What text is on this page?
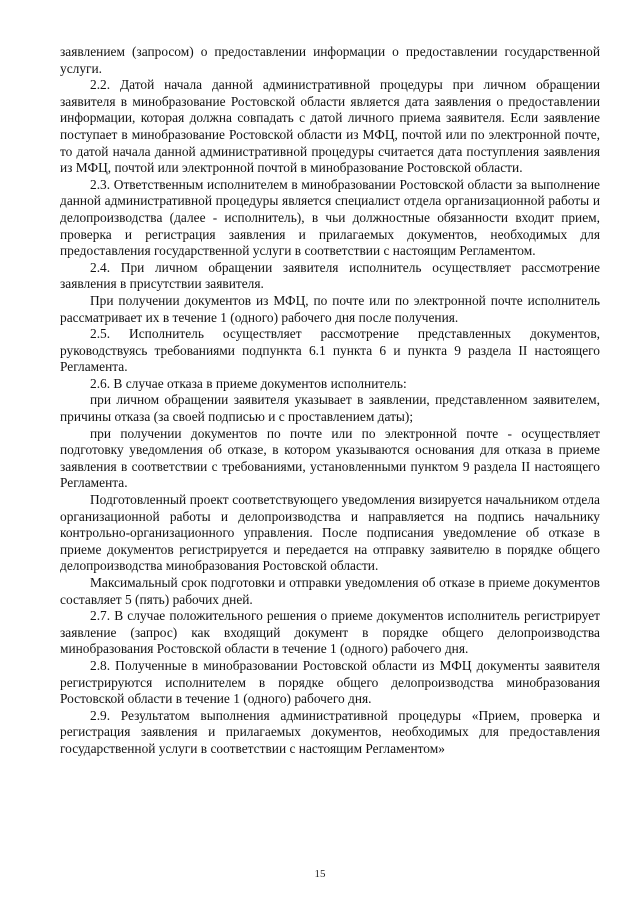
заявлением (запросом) о предоставлении информации о предоставлении государственной услуги.

2.2. Датой начала данной административной процедуры при личном обращении заявителя в минобразование Ростовской области является дата заявления о предоставлении информации, которая должна совпадать с датой личного приема заявителя. Если заявление поступает в минобразование Ростовской области из МФЦ, почтой или по электронной почте, то датой начала данной административной процедуры считается дата поступления заявления из МФЦ, почтой или электронной почтой в минобразование Ростовской области.

2.3. Ответственным исполнителем в минобразовании Ростовской области за выполнение данной административной процедуры является специалист отдела организационной работы и делопроизводства (далее - исполнитель), в чьи должностные обязанности входит прием, проверка и регистрация заявления и прилагаемых документов, необходимых для предоставления государственной услуги в соответствии с настоящим Регламентом.

2.4. При личном обращении заявителя исполнитель осуществляет рассмотрение заявления в присутствии заявителя.

При получении документов из МФЦ, по почте или по электронной почте исполнитель рассматривает их в течение 1 (одного) рабочего дня после получения.

2.5. Исполнитель осуществляет рассмотрение представленных документов, руководствуясь требованиями подпункта 6.1 пункта 6 и пункта 9 раздела II настоящего Регламента.

2.6. В случае отказа в приеме документов исполнитель:

при личном обращении заявителя указывает в заявлении, представленном заявителем, причины отказа (за своей подписью и с проставлением даты);

при получении документов по почте или по электронной почте - осуществляет подготовку уведомления об отказе, в котором указываются основания для отказа в приеме заявления в соответствии с требованиями, установленными пунктом 9 раздела II настоящего Регламента.

Подготовленный проект соответствующего уведомления визируется начальником отдела организационной работы и делопроизводства и направляется на подпись начальнику контрольно-организационного управления. После подписания уведомление об отказе в приеме документов регистрируется и передается на отправку заявителю в порядке общего делопроизводства минобразования Ростовской области.

Максимальный срок подготовки и отправки уведомления об отказе в приеме документов составляет 5 (пять) рабочих дней.

2.7. В случае положительного решения о приеме документов исполнитель регистрирует заявление (запрос) как входящий документ в порядке общего делопроизводства минобразования Ростовской области в течение 1 (одного) рабочего дня.

2.8. Полученные в минобразовании Ростовской области из МФЦ документы заявителя регистрируются исполнителем в порядке общего делопроизводства минобразования Ростовской области в течение 1 (одного) рабочего дня.

2.9. Результатом выполнения административной процедуры «Прием, проверка и регистрация заявления и прилагаемых документов, необходимых для предоставления государственной услуги в соответствии с настоящим Регламентом»

15
